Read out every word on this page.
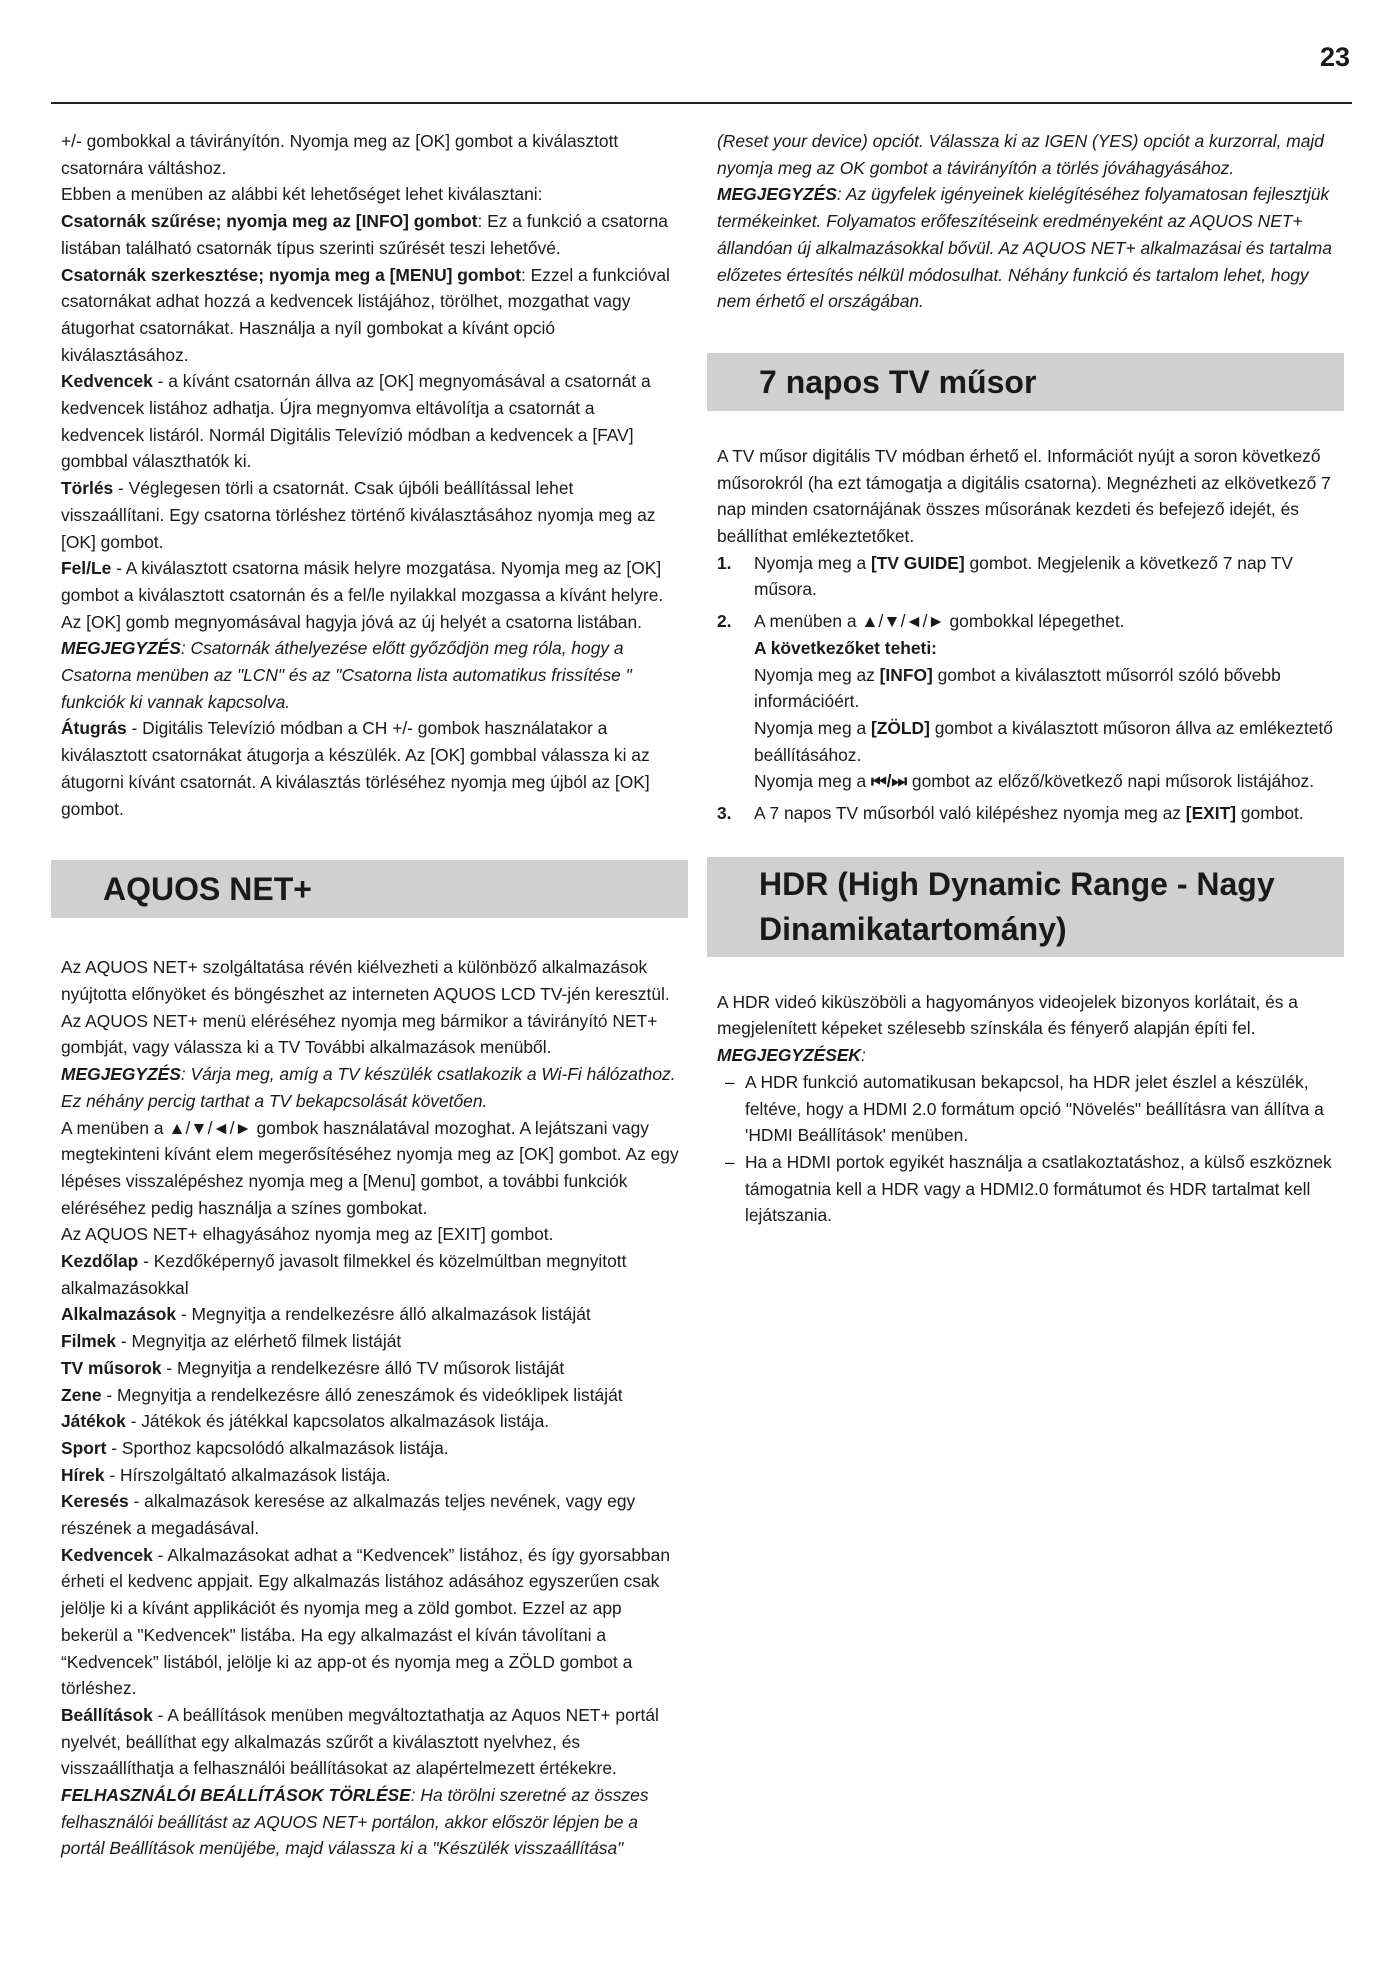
23

+/- gombokkal a távirányítón. Nyomja meg az [OK] gombot a kiválasztott csatornára váltáshoz.

Ebben a menüben az alábbi két lehetőséget lehet kiválasztani:

Csatornák szűrése; nyomja meg az [INFO] gombot: Ez a funkció a csatorna listában található csatornák típus szerinti szűrését teszi lehetővé.

Csatornák szerkesztése; nyomja meg a [MENU] gombot: Ezzel a funkcióval csatornákat adhat hozzá a kedvencek listájához, törölhet, mozgathat vagy átugorhat csatornákat. Használja a nyíl gombokat a kívánt opció kiválasztásához.

Kedvencek - a kívánt csatornán állva az [OK] megnyomásával a csatornát a kedvencek listához adhatja. Újra megnyomva eltávolítja a csatornát a kedvencek listáról. Normál Digitális Televízió módban a kedvencek a [FAV] gombbal választhatók ki.

Törlés - Véglegesen törli a csatornát. Csak újbóli beállítással lehet visszaállítani. Egy csatorna törléshez történő kiválasztásához nyomja meg az [OK] gombot.

Fel/Le - A kiválasztott csatorna másik helyre mozgatása. Nyomja meg az [OK] gombot a kiválasztott csatornán és a fel/le nyilakkal mozgassa a kívánt helyre. Az [OK] gomb megnyomásával hagyja jóvá az új helyét a csatorna listában.

MEGJEGYZÉS: Csatornák áthelyezése előtt győződjön meg róla, hogy a Csatorna menüben az "LCN" és az "Csatorna lista automatikus frissítése " funkciók ki vannak kapcsolva.

Átugrás - Digitális Televízió módban a CH +/- gombok használatakor a kiválasztott csatornákat átugorja a készülék. Az [OK] gombbal válassza ki az átugorni kívánt csatornát. A kiválasztás törléséhez nyomja meg újból az [OK] gombot.

AQUOS NET+

Az AQUOS NET+ szolgáltatása révén kiélvezheti a különböző alkalmazások nyújtotta előnyöket és böngészhet az interneten AQUOS LCD TV-jén keresztül. Az AQUOS NET+ menü eléréséhez nyomja meg bármikor a távirányító NET+ gombját, vagy válassza ki a TV További alkalmazások menüből.

MEGJEGYZÉS: Várja meg, amíg a TV készülék csatlakozik a Wi-Fi hálózathoz. Ez néhány percig tarthat a TV bekapcsolását követően.

A menüben a ▲/▼/◄/► gombok használatával mozoghat. A lejátszani vagy megtekinteni kívánt elem megerősítéséhez nyomja meg az [OK] gombot. Az egy lépéses visszalépéshez nyomja meg a [Menu] gombot, a további funkciók eléréséhez pedig használja a színes gombokat.

Az AQUOS NET+ elhagyásához nyomja meg az [EXIT] gombot.

Kezdőlap - Kezdőképernyő javasolt filmekkel és közelmúltban megnyitott alkalmazásokkal

Alkalmazások - Megnyitja a rendelkezésre álló alkalmazások listáját

Filmek - Megnyitja az elérhető filmek listáját

TV műsorok - Megnyitja a rendelkezésre álló TV műsorok listáját

Zene - Megnyitja a rendelkezésre álló zeneszámok és videóklipek listáját

Játékok - Játékok és játékkal kapcsolatos alkalmazások listája.

Sport - Sporthoz kapcsolódó alkalmazások listája.

Hírek - Hírszolgáltató alkalmazások listája.

Keresés - alkalmazások keresése az alkalmazás teljes nevének, vagy egy részének a megadásával.

Kedvencek - Alkalmazásokat adhat a “Kedvencek” listához, és így gyorsabban érheti el kedvenc appjait. Egy alkalmazás listához adásához egyszerűen csak jelölje ki a kívánt applikációt és nyomja meg a zöld gombot. Ezzel az app bekerül a "Kedvencek" listába. Ha egy alkalmazást el kíván távolítani a “Kedvencek” listából, jelölje ki az app-ot és nyomja meg a ZÖLD gombot a törléshez.

Beállítások - A beállítások menüben megváltoztathatja az Aquos NET+ portál nyelvét, beállíthat egy alkalmazás szűrőt a kiválasztott nyelvhez, és visszaállíthatja a felhasználói beállításokat az alapértelmezett értékekre.

FELHASZNÁLÓI BEÁLLÍTÁSOK TÖRLÉSE: Ha törölni szeretné az összes felhasználói beállítást az AQUOS NET+ portálon, akkor először lépjen be a portál Beállítások menüjébe, majd válassza ki a "Készülék visszaállítása"

(Reset your device) opciót. Válassza ki az IGEN (YES) opciót a kurzorral, majd nyomja meg az OK gombot a távirányítón a törlés jóváhagyásához.

MEGJEGYZÉS: Az ügyfelek igényeinek kielégítéséhez folyamatosan fejlesztjük termékeinket. Folyamatos erőfeszítéseink eredményeként az AQUOS NET+ állandóan új alkalmazásokkal bővül. Az AQUOS NET+ alkalmazásai és tartalma előzetes értesítés nélkül módosulhat. Néhány funkció és tartalom lehet, hogy nem érhető el országában.

7 napos TV műsor

A TV műsor digitális TV módban érhető el. Információt nyújt a soron következő műsorokról (ha ezt támogatja a digitális csatorna). Megnézheti az elkövetkező 7 nap minden csatornájának összes műsorának kezdeti és befejező idejét, és beállíthat emlékeztetőket.

1. Nyomja meg a [TV GUIDE] gombot. Megjelenik a következő 7 nap TV műsora.
2. A menüben a ▲/▼/◄/► gombokkal lépegethet.
A következőket teheti:
Nyomja meg az [INFO] gombot a kiválasztott műsorról szóló bővebb információért.
Nyomja meg a [ZÖLD] gombot a kiválasztott műsoron állva az emlékeztető beállításához.
Nyomja meg a ⏮/⏭ gombot az előző/következő napi műsorok listájához.
3. A 7 napos TV műsorból való kilépéshez nyomja meg az [EXIT] gombot.
HDR (High Dynamic Range - Nagy Dinamikatartomány)

A HDR videó kiküszöböli a hagyományos videojelek bizonyos korlátait, és a megjelenített képeket szélesebb színskála és fényerő alapján építi fel.

MEGJEGYZÉSEK:

– A HDR funkció automatikusan bekapcsol, ha HDR jelet észlel a készülék, feltéve, hogy a HDMI 2.0 formátum opció "Növelés" beállításra van állítva a 'HDMI Beállítások' menüben.
– Ha a HDMI portok egyikét használja a csatlakoztatáshoz, a külső eszköznek támogatnia kell a HDR vagy a HDMI2.0 formátumot és HDR tartalmat kell lejátszania.
